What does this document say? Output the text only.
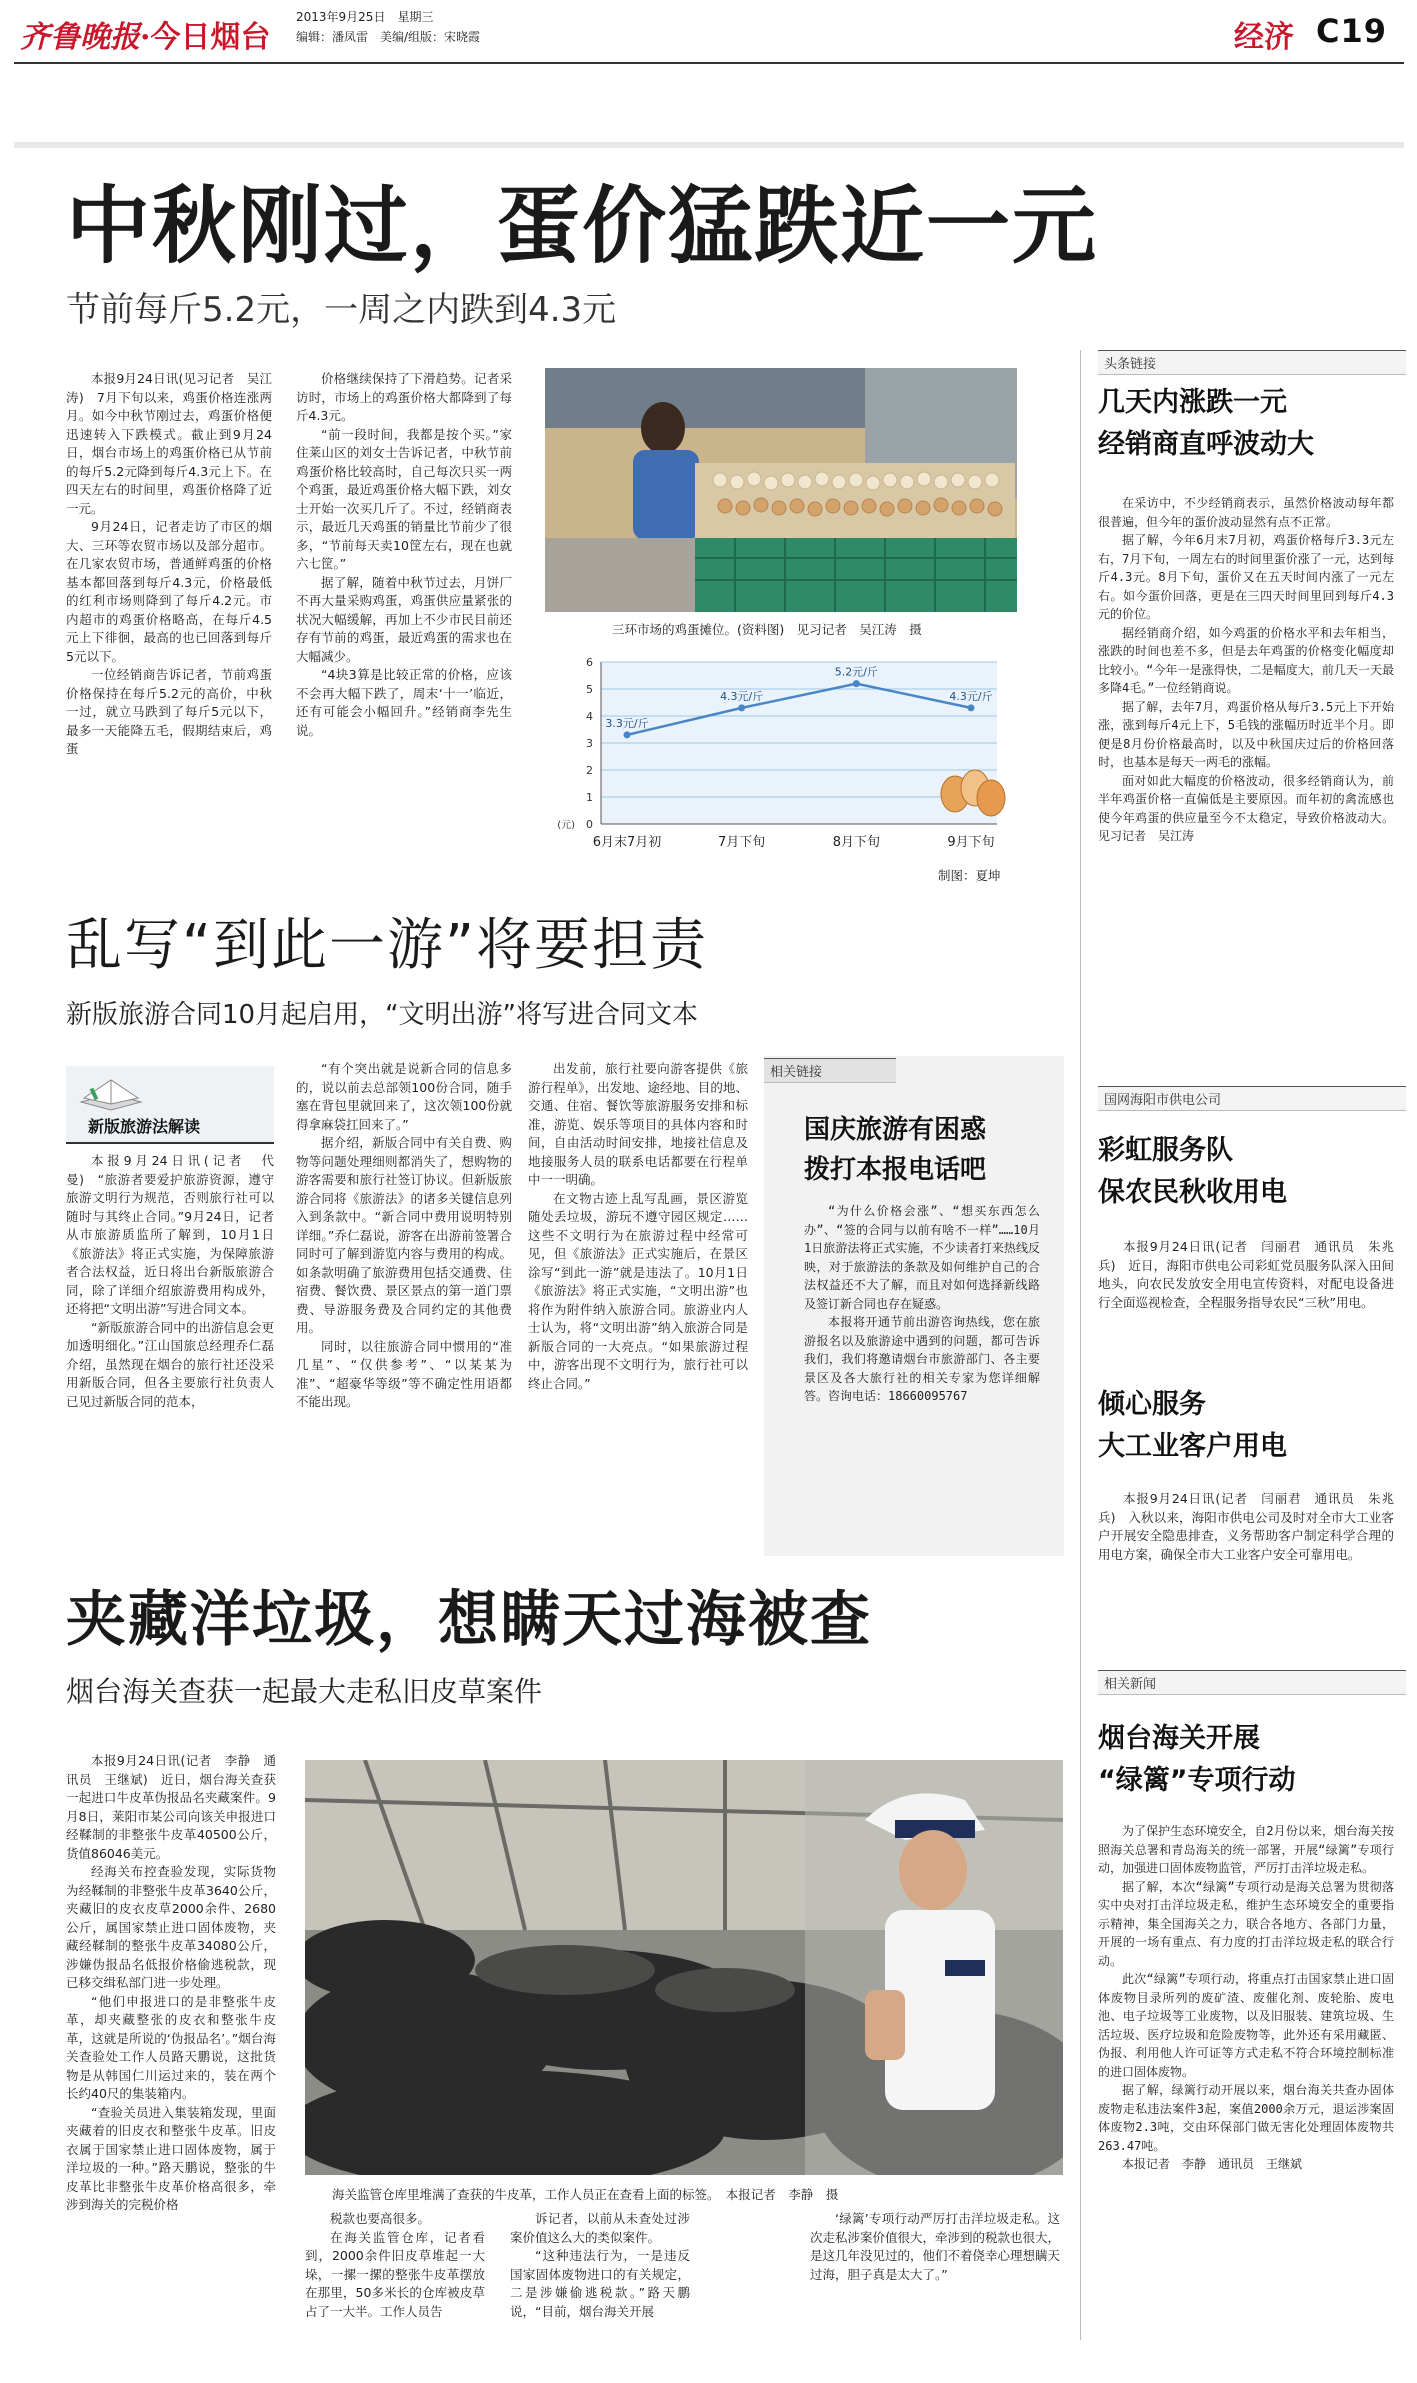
齐鲁晚报·今日烟台
2013年9月25日　星期三
编辑：潘凤雷　美编/组版：宋晓霞	经济 C19
中秋刚过，蛋价猛跌近一元
节前每斤5.2元，一周之内跌到4.3元

本报9月24日讯(见习记者　吴江涛)　7月下旬以来，鸡蛋价格连涨两月。如今中秋节刚过去，鸡蛋价格便迅速转入下跌模式。截止到9月24日，烟台市场上的鸡蛋价格已从节前的每斤5.2元降到每斤4.3元上下。在四天左右的时间里，鸡蛋价格降了近一元。

9月24日，记者走访了市区的烟大、三环等农贸市场以及部分超市。在几家农贸市场，普通鲜鸡蛋的价格基本都回落到每斤4.3元，价格最低的红利市场则降到了每斤4.2元。市内超市的鸡蛋价格略高，在每斤4.5元上下徘徊，最高的也已回落到每斤5元以下。

一位经销商告诉记者，节前鸡蛋价格保持在每斤5.2元的高价，中秋一过，就立马跌到了每斤5元以下，最多一天能降五毛，假期结束后，鸡蛋

价格继续保持了下滑趋势。记者采访时，市场上的鸡蛋价格大都降到了每斤4.3元。

“前一段时间，我都是按个买。”家住莱山区的刘女士告诉记者，中秋节前鸡蛋价格比较高时，自己每次只买一两个鸡蛋，最近鸡蛋价格大幅下跌，刘女士开始一次买几斤了。不过，经销商表示，最近几天鸡蛋的销量比节前少了很多，“节前每天卖10筐左右，现在也就六七筐。”

据了解，随着中秋节过去，月饼厂不再大量采购鸡蛋，鸡蛋供应量紧张的状况大幅缓解，再加上不少市民目前还存有节前的鸡蛋，最近鸡蛋的需求也在大幅减少。

“4块3算是比较正常的价格，应该不会再大幅下跌了，周末‘十一’临近，还有可能会小幅回升。”经销商李先生说。

三环市场的鸡蛋摊位。(资料图)　见习记者　吴江涛　摄
0
1
2
3
4
5
6
(元)
3.3元/斤
4.3元/斤
5.2元/斤
4.3元/斤
6月末7月初	7月下旬	8月下旬	9月下旬
制图：夏坤
头条链接
几天内涨跌一元
经销商直呼波动大

在采访中，不少经销商表示，虽然价格波动每年都很普遍，但今年的蛋价波动显然有点不正常。

据了解，今年6月末7月初，鸡蛋价格每斤3.3元左右，7月下旬，一周左右的时间里蛋价涨了一元，达到每斤4.3元。8月下旬，蛋价又在五天时间内涨了一元左右。如今蛋价回落，更是在三四天时间里回到每斤4.3元的价位。

据经销商介绍，如今鸡蛋的价格水平和去年相当，涨跌的时间也差不多，但是去年鸡蛋的价格变化幅度却比较小。“今年一是涨得快，二是幅度大，前几天一天最多降4毛。”一位经销商说。

据了解，去年7月，鸡蛋价格从每斤3.5元上下开始涨，涨到每斤4元上下，5毛钱的涨幅历时近半个月。即便是8月份价格最高时，以及中秋国庆过后的价格回落时，也基本是每天一两毛的涨幅。

面对如此大幅度的价格波动，很多经销商认为，前半年鸡蛋价格一直偏低是主要原因。而年初的禽流感也使今年鸡蛋的供应量至今不太稳定，导致价格波动大。见习记者　吴江涛

乱写“到此一游”将要担责
新版旅游合同10月起启用，“文明出游”将写进合同文本
新版旅游法解读

本报9月24日讯(记者　代曼)　“旅游者要爱护旅游资源，遵守旅游文明行为规范，否则旅行社可以随时与其终止合同。”9月24日，记者从市旅游质监所了解到，10月1日《旅游法》将正式实施，为保障旅游者合法权益，近日将出台新版旅游合同，除了详细介绍旅游费用构成外，还将把“文明出游”写进合同文本。

“新版旅游合同中的出游信息会更加透明细化。”江山国旅总经理乔仁磊介绍，虽然现在烟台的旅行社还没采用新版合同，但各主要旅行社负责人已见过新版合同的范本，

“有个突出就是说新合同的信息多的，说以前去总部领100份合同，随手塞在背包里就回来了，这次领100份就得拿麻袋扛回来了。”

据介绍，新版合同中有关自费、购物等问题处理细则都消失了，想购物的游客需要和旅行社签订协议。但新版旅游合同将《旅游法》的诸多关键信息列入到条款中。“新合同中费用说明特别详细。”乔仁磊说，游客在出游前签署合同时可了解到游览内容与费用的构成。如条款明确了旅游费用包括交通费、住宿费、餐饮费、景区景点的第一道门票费、导游服务费及合同约定的其他费用。

同时，以往旅游合同中惯用的“准几星”、“仅供参考”、“以某某为准”、“超豪华等级”等不确定性用语都不能出现。

出发前，旅行社要向游客提供《旅游行程单》，出发地、途经地、目的地、交通、住宿、餐饮等旅游服务安排和标准，游览、娱乐等项目的具体内容和时间，自由活动时间安排，地接社信息及地接服务人员的联系电话都要在行程单中一一明确。

在文物古迹上乱写乱画，景区游览随处丢垃圾，游玩不遵守园区规定……这些不文明行为在旅游过程中经常可见，但《旅游法》正式实施后，在景区涂写“到此一游”就是违法了。10月1日《旅游法》将正式实施，“文明出游”也将作为附件纳入旅游合同。旅游业内人士认为，将“文明出游”纳入旅游合同是新版合同的一大亮点。“如果旅游过程中，游客出现不文明行为，旅行社可以终止合同。”

相关链接
国庆旅游有困惑
拨打本报电话吧

“为什么价格会涨”、“想买东西怎么办”、“签的合同与以前有啥不一样”……10月1日旅游法将正式实施，不少读者打来热线反映，对于旅游法的条款及如何维护自己的合法权益还不大了解，而且对如何选择新线路及签订新合同也存在疑惑。

本报将开通节前出游咨询热线，您在旅游报名以及旅游途中遇到的问题，都可告诉我们，我们将邀请烟台市旅游部门、各主要景区及各大旅行社的相关专家为您详细解答。咨询电话：18660095767

国网海阳市供电公司
彩虹服务队
保农民秋收用电

本报9月24日讯(记者　闫丽君　通讯员　朱兆兵)　近日，海阳市供电公司彩虹党员服务队深入田间地头，向农民发放安全用电宣传资料，对配电设备进行全面巡视检查，全程服务指导农民“三秋”用电。

倾心服务
大工业客户用电

本报9月24日讯(记者　闫丽君　通讯员　朱兆兵)　入秋以来，海阳市供电公司及时对全市大工业客户开展安全隐患排查，义务帮助客户制定科学合理的用电方案，确保全市大工业客户安全可靠用电。

夹藏洋垃圾，想瞒天过海被查
烟台海关查获一起最大走私旧皮草案件

本报9月24日讯(记者　李静　通讯员　王继斌)　近日，烟台海关查获一起进口牛皮革伪报品名夹藏案件。9月8日，莱阳市某公司向该关申报进口经鞣制的非整张牛皮革40500公斤，货值86046美元。

经海关布控查验发现，实际货物为经鞣制的非整张牛皮革3640公斤，夹藏旧的皮衣皮草2000余件、2680公斤，属国家禁止进口固体废物，夹藏经鞣制的整张牛皮革34080公斤，涉嫌伪报品名低报价格偷逃税款，现已移交缉私部门进一步处理。

“他们申报进口的是非整张牛皮革，却夹藏整张的皮衣和整张牛皮革，这就是所说的‘伪报品名’。”烟台海关查验处工作人员路天鹏说，这批货物是从韩国仁川运过来的，装在两个长约40尺的集装箱内。

“查验关员进入集装箱发现，里面夹藏着的旧皮衣和整张牛皮革。旧皮衣属于国家禁止进口固体废物，属于洋垃圾的一种。”路天鹏说，整张的牛皮革比非整张牛皮革价格高很多，牵涉到海关的完税价格

海关监管仓库里堆满了查获的牛皮革，工作人员正在查看上面的标签。　本报记者　李静　摄

税款也要高很多。

在海关监管仓库，记者看到，2000余件旧皮草堆起一大垛，一摞一摞的整张牛皮革摆放在那里，50多米长的仓库被皮草占了一大半。工作人员告

诉记者，以前从未查处过涉案价值这么大的类似案件。

“这种违法行为，一是违反国家固体废物进口的有关规定，二是涉嫌偷逃税款。”路天鹏说，“目前，烟台海关开展

‘绿篱’专项行动严厉打击洋垃圾走私。这次走私涉案价值很大，牵涉到的税款也很大，是这几年没见过的，他们不着侥幸心理想瞒天过海，胆子真是太大了。”

相关新闻
烟台海关开展
“绿篱”专项行动

为了保护生态环境安全，自2月份以来，烟台海关按照海关总署和青岛海关的统一部署，开展“绿篱”专项行动，加强进口固体废物监管，严厉打击洋垃圾走私。

据了解，本次“绿篱”专项行动是海关总署为贯彻落实中央对打击洋垃圾走私，维护生态环境安全的重要指示精神，集全国海关之力，联合各地方、各部门力量，开展的一场有重点、有力度的打击洋垃圾走私的联合行动。

此次“绿篱”专项行动，将重点打击国家禁止进口固体废物目录所列的废矿渣、废催化剂、废轮胎、废电池、电子垃圾等工业废物，以及旧服装、建筑垃圾、生活垃圾、医疗垃圾和危险废物等，此外还有采用藏匿、伪报、利用他人许可证等方式走私不符合环境控制标准的进口固体废物。

据了解，绿篱行动开展以来，烟台海关共查办固体废物走私违法案件3起，案值2000余万元，退运涉案固体废物2.3吨，交由环保部门做无害化处理固体废物共263.47吨。

本报记者　李静　通讯员　王继斌
